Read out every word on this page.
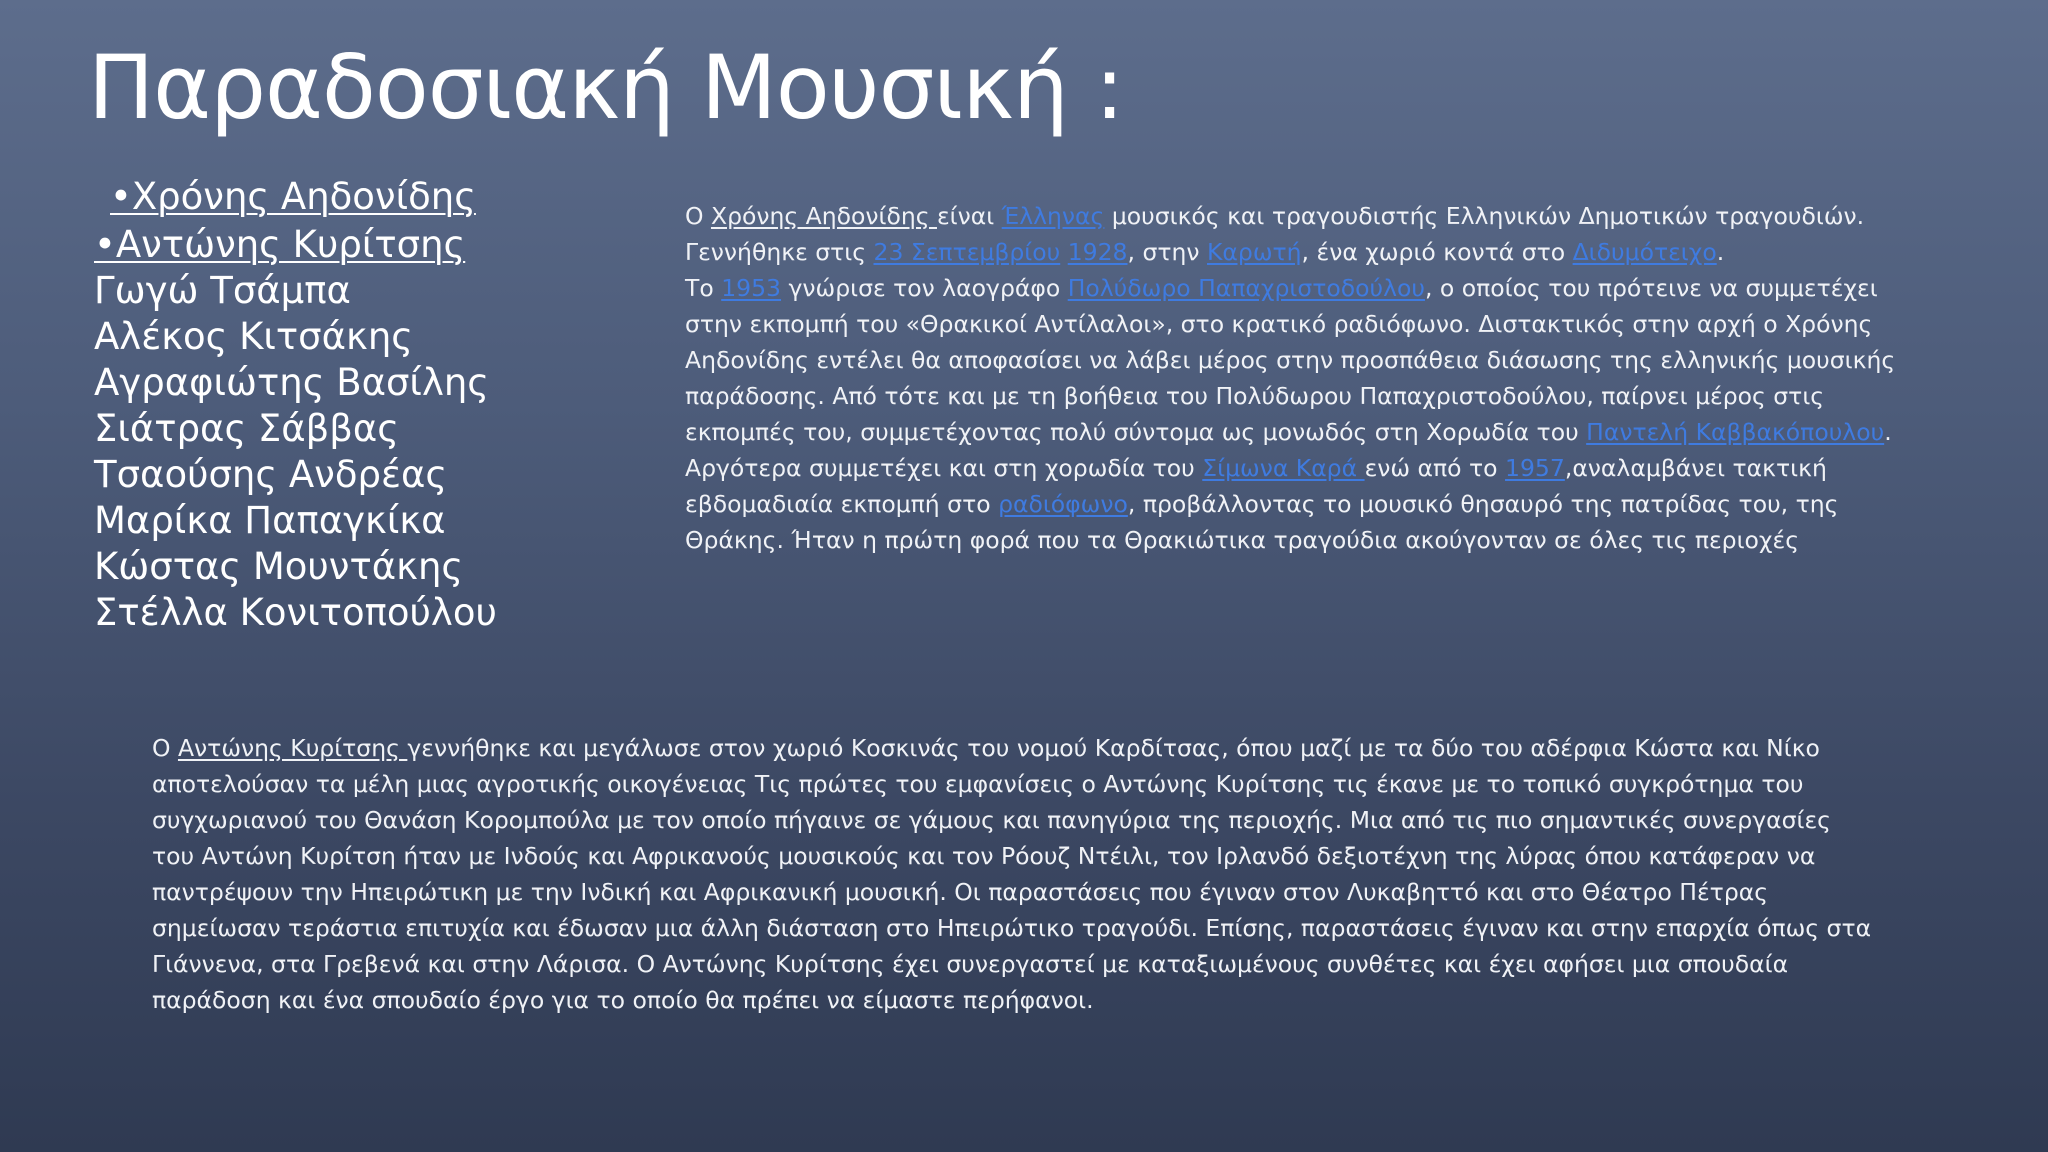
Παραδοσιακή Μουσική :
•Χρόνης Αηδονίδης
•Αντώνης Κυρίτσης
Γωγώ Τσάμπα
Αλέκος Κιτσάκης
Αγραφιώτης Βασίλης
Σιάτρας Σάββας
Τσαούσης Ανδρέας
Μαρίκα Παπαγκίκα
Κώστας Μουντάκης
Στέλλα Κονιτοπούλου
Ο Χρόνης Αηδονίδης είναι Έλληνας μουσικός και τραγουδιστής Ελληνικών Δημοτικών τραγουδιών.
Γεννήθηκε στις 23 Σεπτεμβρίου 1928, στην Καρωτή, ένα χωριό κοντά στο Διδυμότειχο.
Το 1953 γνώρισε τον λαογράφο Πολύδωρο Παπαχριστοδούλου, ο οποίος του πρότεινε να συμμετέχει
στην εκπομπή του «Θρακικοί Αντίλαλοι», στο κρατικό ραδιόφωνο. Διστακτικός στην αρχή ο Χρόνης
Αηδονίδης εντέλει θα αποφασίσει να λάβει μέρος στην προσπάθεια διάσωσης της ελληνικής μουσικής
παράδοσης. Από τότε και με τη βοήθεια του Πολύδωρου Παπαχριστοδούλου, παίρνει μέρος στις
εκπομπές του, συμμετέχοντας πολύ σύντομα ως μονωδός στη Χορωδία του Παντελή Καββακόπουλου.
Αργότερα συμμετέχει και στη χορωδία του Σίμωνα Καρά ενώ από το 1957,αναλαμβάνει τακτική
εβδομαδιαία εκπομπή στο ραδιόφωνο, προβάλλοντας το μουσικό θησαυρό της πατρίδας του, της
Θράκης. Ήταν η πρώτη φορά που τα Θρακιώτικα τραγούδια ακούγονταν σε όλες τις περιοχές
Ο Αντώνης Κυρίτσης γεννήθηκε και μεγάλωσε στον χωριό Κοσκινάς του νομού Καρδίτσας, όπου μαζί με τα δύο του αδέρφια Κώστα και Νίκο
αποτελούσαν τα μέλη μιας αγροτικής οικογένειας Τις πρώτες του εμφανίσεις ο Αντώνης Κυρίτσης τις έκανε με το τοπικό συγκρότημα του
συγχωριανού του Θανάση Κορομπούλα με τον οποίο πήγαινε σε γάμους και πανηγύρια της περιοχής. Μια από τις πιο σημαντικές συνεργασίες
του Αντώνη Κυρίτση ήταν με Ινδούς και Αφρικανούς μουσικούς και τον Ρόουζ Ντέιλι, τον Ιρλανδό δεξιοτέχνη της λύρας όπου κατάφεραν να
παντρέψουν την Ηπειρώτικη με την Ινδική και Αφρικανική μουσική. Οι παραστάσεις που έγιναν στον Λυκαβηττό και στο Θέατρο Πέτρας
σημείωσαν τεράστια επιτυχία και έδωσαν μια άλλη διάσταση στο Ηπειρώτικο τραγούδι. Επίσης, παραστάσεις έγιναν και στην επαρχία όπως στα
Γιάννενα, στα Γρεβενά και στην Λάρισα. Ο Αντώνης Κυρίτσης έχει συνεργαστεί με καταξιωμένους συνθέτες και έχει αφήσει μια σπουδαία
παράδοση και ένα σπουδαίο έργο για το οποίο θα πρέπει να είμαστε περήφανοι.
